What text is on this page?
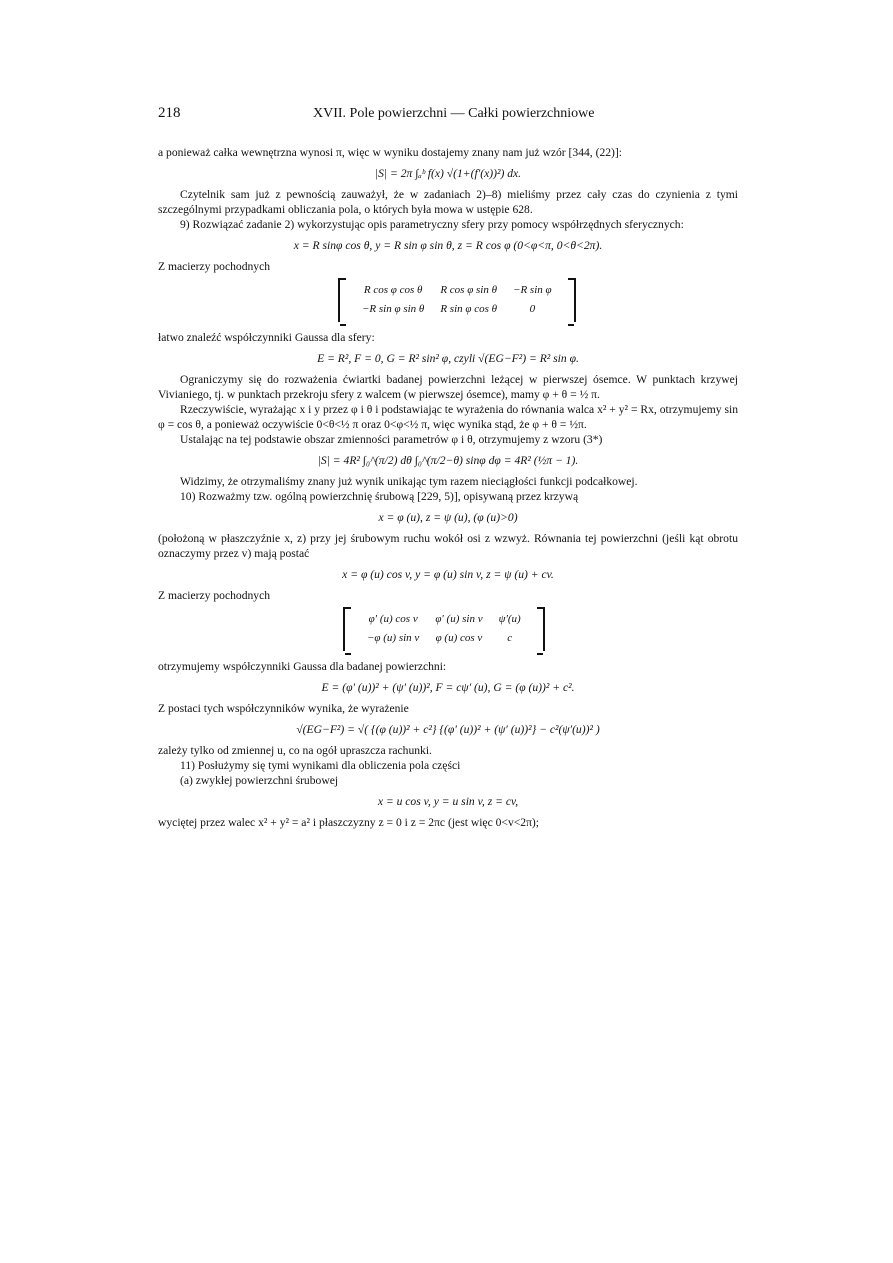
218	XVII. Pole powierzchni — Całki powierzchniowe

a ponieważ całka wewnętrzna wynosi π, więc w wyniku dostajemy znany nam już wzór [344, (22)]:

|S| = 2π ∫ₐᵇ f(x) √(1+(f′(x))²) dx.

Czytelnik sam już z pewnością zauważył, że w zadaniach 2)–8) mieliśmy przez cały czas do czynienia z tymi szczególnymi przypadkami obliczania pola, o których była mowa w ustępie 628.

9) Rozwiązać zadanie 2) wykorzystując opis parametryczny sfery przy pomocy współrzędnych sferycznych:

x = R sinφ cos θ, y = R sin φ sin θ, z = R cos φ (0<φ<π, 0<θ<2π).

Z macierzy pochodnych

R cos φ cos θ	R cos φ sin θ	−R sin φ
−R sin φ sin θ	R sin φ cos θ	0

łatwo znaleźć współczynniki Gaussa dla sfery:

E = R², F = 0, G = R² sin² φ, czyli √(EG−F²) = R² sin φ.

Ograniczymy się do rozważenia ćwiartki badanej powierzchni leżącej w pierwszej ósemce. W punktach krzywej Vivianiego, tj. w punktach przekroju sfery z walcem (w pierwszej ósemce), mamy φ + θ = ½ π.

Rzeczywiście, wyrażając x i y przez φ i θ i podstawiając te wyrażenia do równania walca x² + y² = Rx, otrzymujemy sin φ = cos θ, a ponieważ oczywiście 0<θ<½ π oraz 0<φ<½ π, więc wynika stąd, że φ + θ = ½π.

Ustalając na tej podstawie obszar zmienności parametrów φ i θ, otrzymujemy z wzoru (3*)

|S| = 4R² ∫₀^(π/2) dθ ∫₀^(π/2−θ) sinφ dφ = 4R² (½π − 1).

Widzimy, że otrzymaliśmy znany już wynik unikając tym razem nieciągłości funkcji podcałkowej.

10) Rozważmy tzw. ogólną powierzchnię śrubową [229, 5)], opisywaną przez krzywą

x = φ (u), z = ψ (u), (φ (u)>0)

(położoną w płaszczyźnie x, z) przy jej śrubowym ruchu wokół osi z wzwyż. Równania tej powierzchni (jeśli kąt obrotu oznaczymy przez v) mają postać

x = φ (u) cos v, y = φ (u) sin v, z = ψ (u) + cv.

Z macierzy pochodnych

φ′ (u) cos v	φ′ (u) sin v	ψ′(u)
−φ (u) sin v	φ (u) cos v	c

otrzymujemy współczynniki Gaussa dla badanej powierzchni:

E = (φ′ (u))² + (ψ′ (u))², F = cψ′ (u), G = (φ (u))² + c².

Z postaci tych współczynników wynika, że wyrażenie

√(EG−F²) = √( {(φ (u))² + c²} {(φ′ (u))² + (ψ′ (u))²} − c²(ψ′(u))² )

zależy tylko od zmiennej u, co na ogół upraszcza rachunki.

11) Posłużymy się tymi wynikami dla obliczenia pola części

(a) zwykłej powierzchni śrubowej

x = u cos v, y = u sin v, z = cv,

wyciętej przez walec x² + y² = a² i płaszczyzny z = 0 i z = 2πc (jest więc 0<v<2π);
